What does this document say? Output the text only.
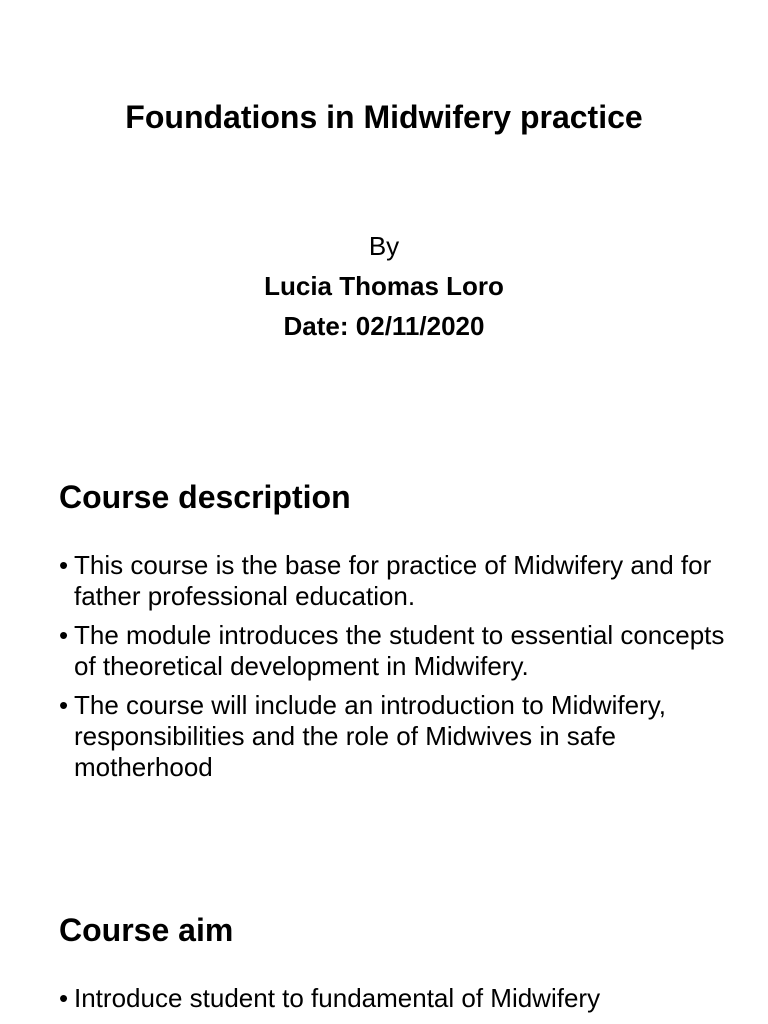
Foundations in Midwifery practice
By
Lucia Thomas Loro
Date: 02/11/2020
Course description
• This course is the base for practice of Midwifery and for father professional education.
• The module introduces the student to essential concepts of theoretical development in Midwifery.
• The course will include an introduction to Midwifery, responsibilities and the role of Midwives in safe motherhood
Course aim
• Introduce student to fundamental of Midwifery
